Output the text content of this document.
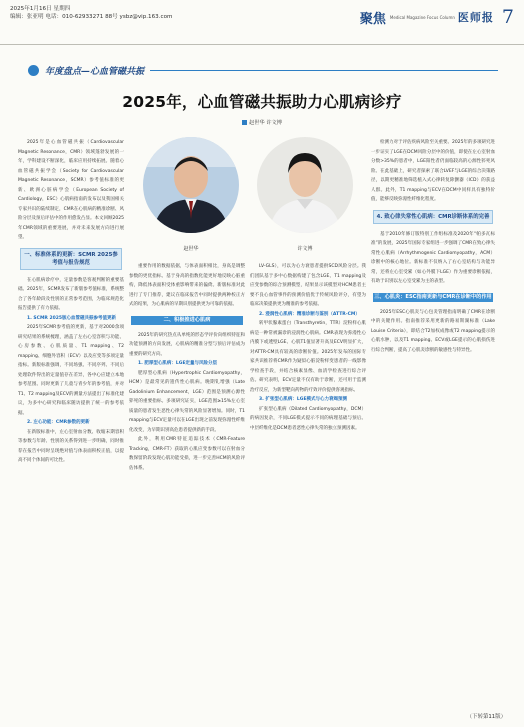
2025年1月16日 星期四
编辑：张亚明 电话：010-62933271 88号 ysbz@vip.163.com	聚焦 Medical Magazine Focus Column 医师报 7
年度盘点—心血管磁共振
2025年，心血管磁共振助力心肌病诊疗
赵世华 许文博
赵世华	许文博

2025年是心血管磁共振（Cardiovascular Magnetic Resonance，CMR）领域蓬勃发展的一年，学科建设不断深化，临床应用持续拓展。随着心血管磁共振学会（Society for Cardiovascular Magnetic Resonance，SCMR）参考值标准的更新、欧洲心脏病学会（European Society of Cardiology，ESC）心肌病指南的发布以及我国相关专家共识的陆续制定，CMR在心肌病的精准诊断、风险分层及预后评估中的作用愈发凸显。本文回顾2025年CMR领域的重要进展，并对未来发展方向进行展望。

一、标准体系的更新：SCMR 2025参考值与报告规范

在心肌病诊疗中，定量参数是客观判断的重要基础。2025年，SCMR发布了新版参考值标准，系统整合了各年龄段及性别的正常参考范围，为临床规范化报告提供了有力依据。

1. SCMR 2025版心血管磁共振参考值更新

2025年SCMR参考值的更新，基于对2000余项研究结果的系统梳理，涵盖了左右心室容积与功能、心房参数、心肌质量、T1 mapping、T2 mapping、细胞外容积（ECV）以及应变等多项定量指标。新版标准强调，不同场强、不同序列、不同后处理软件得出的定量值存在差异，各中心应建立本地参考范围。同时更新了儿童与青少年的参考值，并对T1、T2 mapping及ECV的测量方法提出了标准化建议，为多中心研究和临床随访提供了统一的参考依据。

2. 左心功能：CMR参数的更新

在新版标准中，左心室射血分数、收缩末期容积等参数与年龄、性别的关系得到进一步明确，同时推荐在报告中同时呈现绝对值与体表面积校正值，以提高不同个体间的可比性。

重要作用的数据依据，与体表面积相比，身高是调整参数的更优指标。基于身高的指数化能更好地反映心脏重构，降低体表面积受体重影响带来的偏倚。新版标准对此进行了专门推荐，建议在临床报告中同时提供两种校正方式的结果，为心肌病的早期识别提供更为可靠的依据。

二、积极推进心肌病

2025年的研究热点从单纯的形态学评价向组织特征和功能预测的方向发展，心肌病的精准分型与预后评估成为重要的研究方向。

1. 肥厚型心肌病：LGE定量与风险分层

肥厚型心肌病（Hypertrophic Cardiomyopathy，HCM）是最常见的遗传性心肌病。晚期钆增强（Late Gadolinium Enhancement，LGE）范围是预测心源性猝死的重要指标。多项研究证实，LGE范围≥15%左心室质量的患者发生恶性心律失常的风险显著增加。同时，T1 mapping与ECV定量可以在LGE出现之前发现弥漫性纤维化改变，为早期识别高危患者提供新的手段。

此外，利用CMR特征追踪技术（CMR-Feature Tracking，CMR-FT）获取的心肌应变参数可以在射血分数保留阶段发现心肌功能受损，进一步完善HCM的风险评估体系。

LV-GLS），可以为心力衰患者提供SCD风险分层。我们团队基于多中心数据构建了包含LGE、T1 mapping及应变参数的综合预测模型，结果显示该模型对HCM患者主要不良心血管事件的预测价值优于传统风险评分，有望为临床决策提供更为精准的参考依据。

2. 浸润性心肌病：精准诊断与鉴别（ATTR-CM）

转甲状腺素蛋白（Transthyretin，TTR）淀粉样心肌病是一种常被漏诊的浸润性心肌病。CMR表现为弥漫性心内膜下或透壁LGE、心肌T1值显著升高及ECV明显扩大，对ATTR-CM具有较高的诊断价值。2025年发布的国际专家共识推荐将CMR作为疑似心脏淀粉样变患者的一线影像学检查手段，并结合核素显像、血清学检查进行综合评估。研究表明，ECV定量不仅有助于诊断，还可用于监测治疗反应，为新型靶向药物的疗效评价提供客观指标。

3. 扩张型心肌病：LGE模式与心力衰竭预测

扩张型心肌病（Dilated Cardiomyopathy，DCM）的病因复杂，不同LGE模式提示不同的病理基础与预后。中层纤维化是DCM患者恶性心律失常的独立预测因素。

检测力对于评估疾病风险至关重要。2025年的多项研究进一步证实了LGE在DCM风险分层中的价值，即使在左心室射血分数>35%的患者中，LGE阳性者仍面临较高的心源性猝死风险。在此基础上，研究者探索了联合LVEF与LGE的综合决策路径，以期更精准地筛选植入式心律转复除颤器（ICD）的获益人群。此外，T1 mapping与ECV在DCM中同样具有独特价值，能够反映弥漫性纤维化程度。

4. 致心律失常性心肌病：CMR诊断体系的完善

基于2010年修订版特别工作组标准及2020年“帕多瓦标准”的发展，2025年国际专家组进一步强调了CMR在致心律失常性心肌病（Arrhythmogenic Cardiomyopathy，ACM）诊断中的核心地位。新标准不仅纳入了右心室结构与功能异常，还将左心室受累（如心外膜下LGE）作为重要诊断依据，有助于识别以左心室受累为主的表型。

三、心肌炎：ESC指南更新与CMR在诊断中的作用

2025年ESC心肌炎与心包炎管理指南明确了CMR在诊断中的关键作用。指南推荐采用更新的路易斯湖标准（Lake Louise Criteria），即结合T2加权成像或T2 mapping提示的心肌水肿，以及T1 mapping、ECV或LGE提示的心肌损伤进行综合判断，提高了心肌炎诊断的敏感性与特异性。

（下转第11版）
